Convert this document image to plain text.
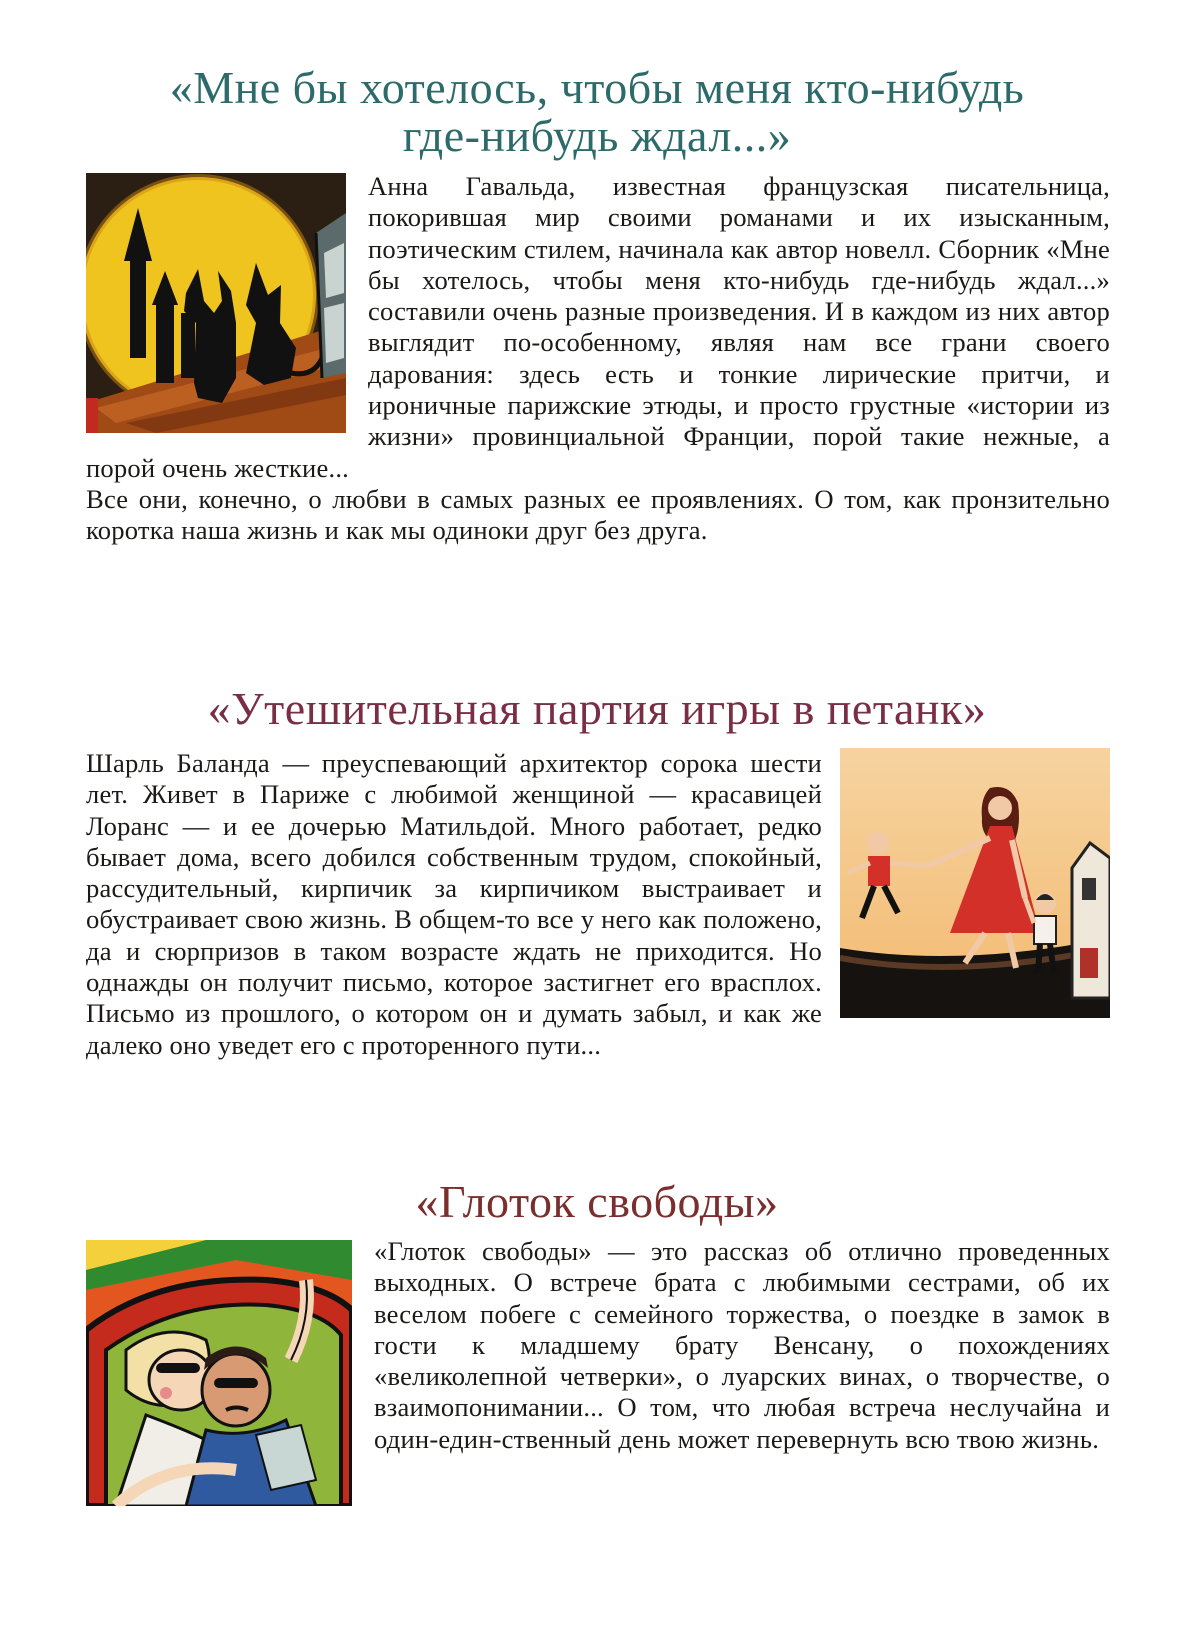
«Мне бы хотелось, чтобы меня кто-нибудь
где-нибудь ждал...»

Анна Гавальда, известная французская писательница, покорившая мир своими романами и их изысканным, поэтическим стилем, начинала как автор новелл. Сборник «Мне бы хотелось, чтобы меня кто-нибудь где-нибудь ждал...» составили очень разные произведения. И в каждом из них автор выглядит по-особенному, являя нам все грани своего дарования: здесь есть и тонкие лирические притчи, и ироничные парижские этюды, и просто грустные «истории из жизни» провинциальной Франции, порой такие нежные, а порой очень жесткие...

Все они, конечно, о любви в самых разных ее проявлениях. О том, как пронзительно коротка наша жизнь и как мы одиноки друг без друга.

«Утешительная партия игры в петанк»

Шарль Баланда — преуспевающий архитектор сорока шести лет. Живет в Париже с любимой женщиной — красавицей Лоранс — и ее дочерью Матильдой. Много работает, редко бывает дома, всего добился собственным трудом, спокойный, рассудительный, кирпичик за кирпичиком выстраивает и обустраивает свою жизнь. В общем-то все у него как положено, да и сюрпризов в таком возрасте ждать не приходится. Но однажды он получит письмо, которое застигнет его врасплох. Письмо из прошлого, о котором он и думать забыл, и как же далеко оно уведет его с проторенного пути...

«Глоток свободы»

«Глоток свободы» — это рассказ об отлично проведенных выходных. О встрече брата с любимыми сестрами, об их веселом побеге с семейного торжества, о поездке в замок в гости к младшему брату Венсану, о похождениях «великолепной четверки», о луарских винах, о творчестве, о взаимопонимании... О том, что любая встреча неслучайна и один-един-ственный день может перевернуть всю твою жизнь.
